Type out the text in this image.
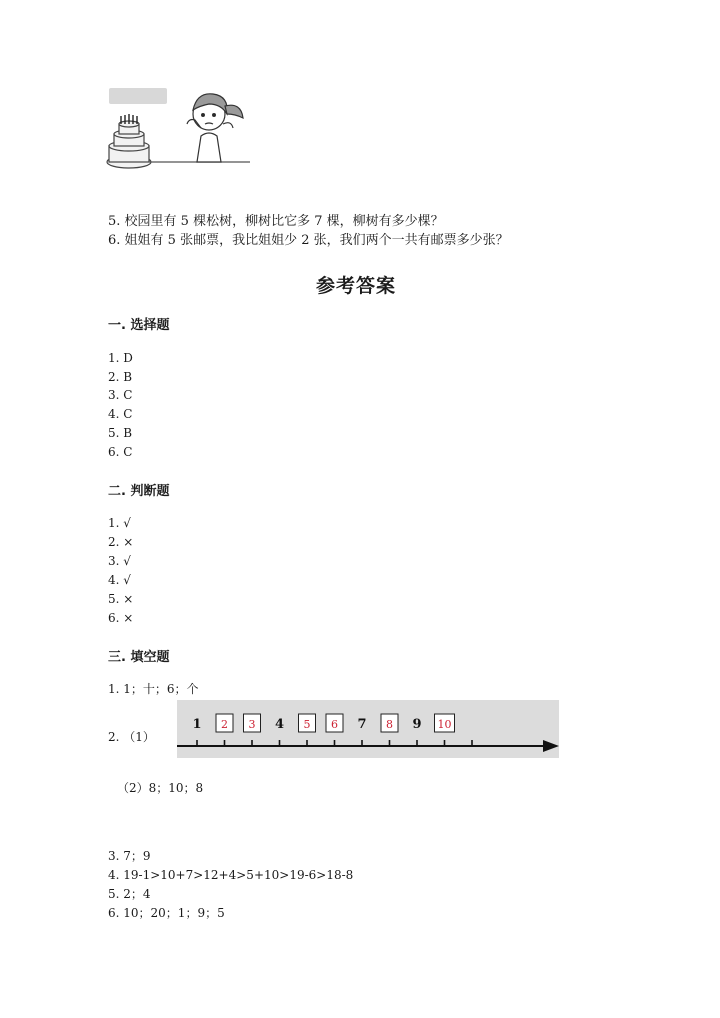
5. 校园里有 5 棵松树，柳树比它多 7 棵，柳树有多少棵？
6. 姐姐有 5 张邮票，我比姐姐少 2 张，我们两个一共有邮票多少张？
参考答案
一. 选择题
1. D
2. B
3. C
4. C
5. B
6. C
二. 判断题
1. √
2. ×
3. √
4. √
5. ×
6. ×
三. 填空题
1. 1；十；6；个
2. （1）
1 2 3 4 5 6 7 8 9 10
（2）8；10；8
3. 7；9
4. 19-1>10+7>12+4>5+10>19-6>18-8
5. 2；4
6. 10；20；1；9；5
